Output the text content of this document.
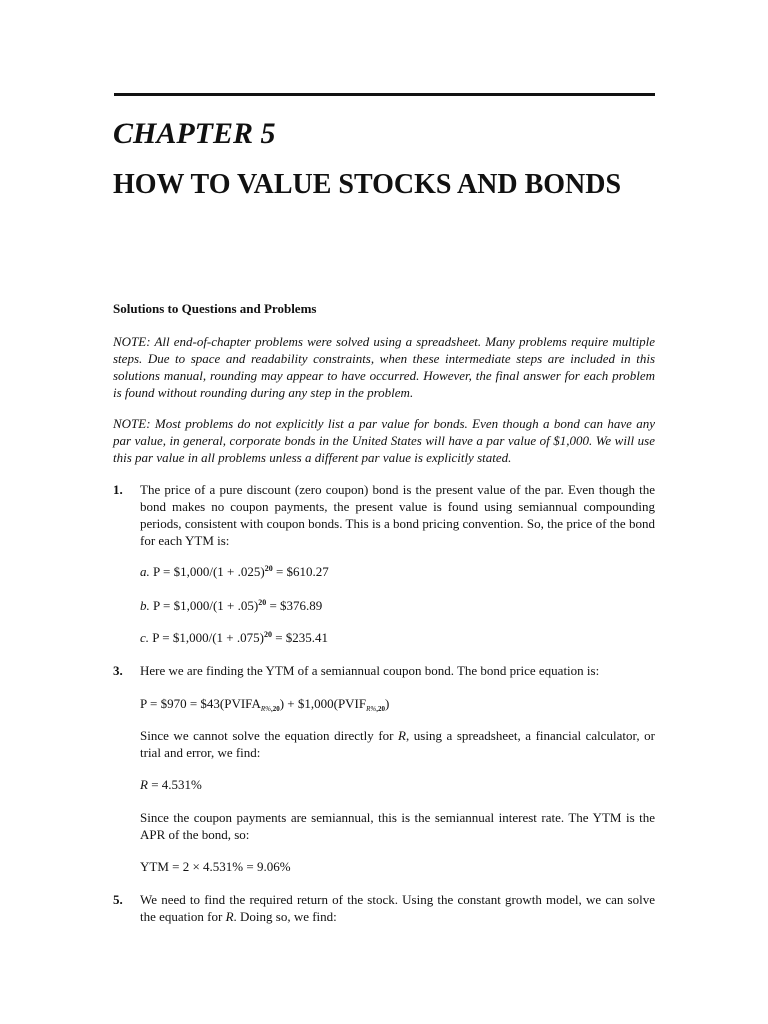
CHAPTER 5
HOW TO VALUE STOCKS AND BONDS
Solutions to Questions and Problems
NOTE: All end-of-chapter problems were solved using a spreadsheet. Many problems require multiple steps. Due to space and readability constraints, when these intermediate steps are included in this solutions manual, rounding may appear to have occurred. However, the final answer for each problem is found without rounding during any step in the problem.
NOTE: Most problems do not explicitly list a par value for bonds. Even though a bond can have any par value, in general, corporate bonds in the United States will have a par value of $1,000. We will use this par value in all problems unless a different par value is explicitly stated.
1. The price of a pure discount (zero coupon) bond is the present value of the par. Even though the bond makes no coupon payments, the present value is found using semiannual compounding periods, consistent with coupon bonds. This is a bond pricing convention. So, the price of the bond for each YTM is:
a. P = $1,000/(1 + .025)$^{20}$ = $610.27
b. P = $1,000/(1 + .05)$^{20}$ = $376.89
c. P = $1,000/(1 + .075)$^{20}$ = $235.41
3. Here we are finding the YTM of a semiannual coupon bond. The bond price equation is:
P = $970 = $\$43(PVIFA_{R\%,20})$ + $\$1,000(PVIF_{R\%,20})$
Since we cannot solve the equation directly for R, using a spreadsheet, a financial calculator, or trial and error, we find:
R = 4.531%
Since the coupon payments are semiannual, this is the semiannual interest rate. The YTM is the APR of the bond, so:
YTM = 2 × 4.531% = 9.06%
5. We need to find the required return of the stock. Using the constant growth model, we can solve the equation for R. Doing so, we find:
